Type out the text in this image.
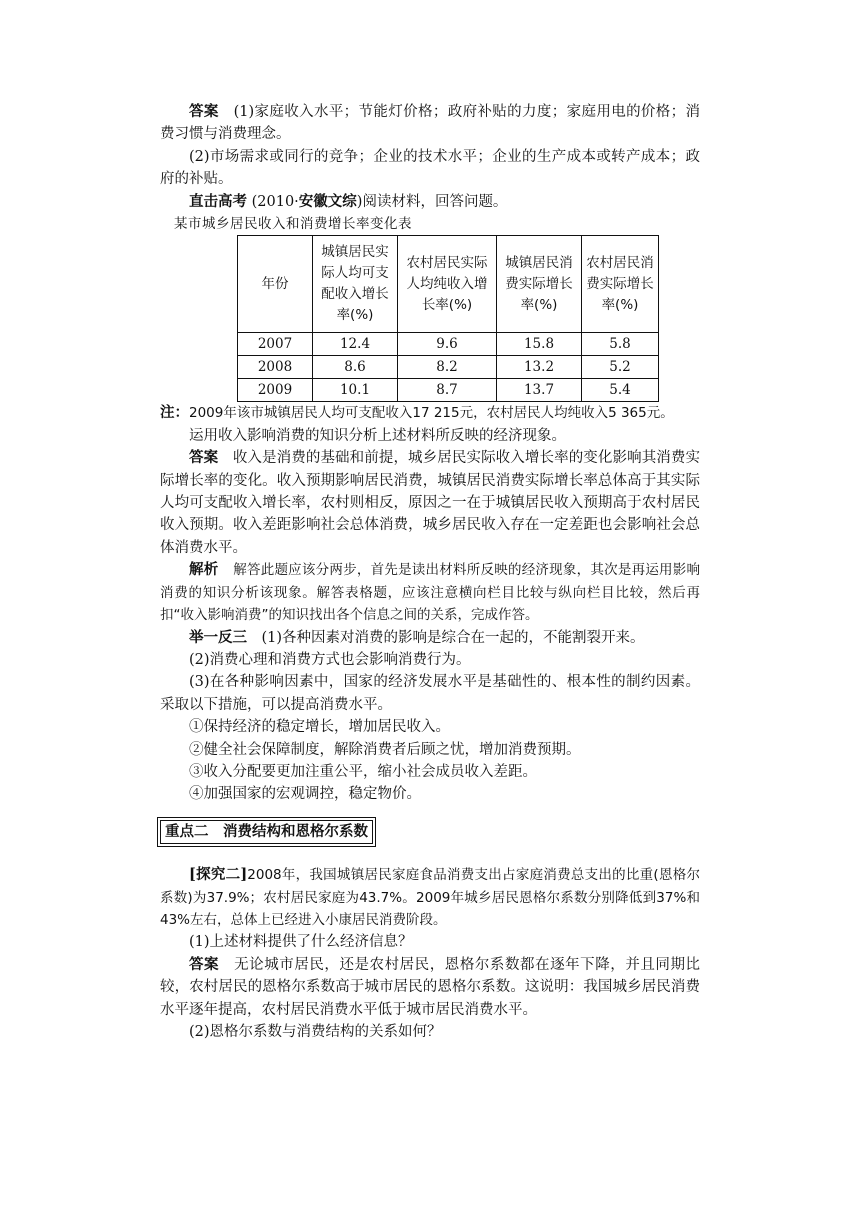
答案　 (1)家庭收入水平；节能灯价格；政府补贴的力度；家庭用电的价格；消费习惯与消费理念。

(2)市场需求或同行的竞争；企业的技术水平；企业的生产成本或转产成本；政府的补贴。

直击高考 (2010·安徽文综)阅读材料，回答问题。

某市城乡居民收入和消费增长率变化表

年份	城镇居民实际人均可支配收入增长率(%)	农村居民实际人均纯收入增长率(%)	城镇居民消费实际增长率(%)	农村居民消费实际增长率(%)
2007	12.4	9.6	15.8	5.8
2008	8.6	8.2	13.2	5.2
2009	10.1	8.7	13.7	5.4

注：2009年该市城镇居民人均可支配收入17 215元，农村居民人均纯收入5 365元。

运用收入影响消费的知识分析上述材料所反映的经济现象。

答案　 收入是消费的基础和前提，城乡居民实际收入增长率的变化影响其消费实际增长率的变化。收入预期影响居民消费，城镇居民消费实际增长率总体高于其实际人均可支配收入增长率，农村则相反，原因之一在于城镇居民收入预期高于农村居民收入预期。收入差距影响社会总体消费，城乡居民收入存在一定差距也会影响社会总体消费水平。

解析　 解答此题应该分两步，首先是读出材料所反映的经济现象，其次是再运用影响消费的知识分析该现象。解答表格题，应该注意横向栏目比较与纵向栏目比较，然后再扣“收入影响消费”的知识找出各个信息之间的关系，完成作答。

举一反三　 (1)各种因素对消费的影响是综合在一起的，不能割裂开来。

(2)消费心理和消费方式也会影响消费行为。

(3)在各种影响因素中，国家的经济发展水平是基础性的、根本性的制约因素。采取以下措施，可以提高消费水平。

①保持经济的稳定增长，增加居民收入。

②健全社会保障制度，解除消费者后顾之忧，增加消费预期。

③收入分配要更加注重公平，缩小社会成员收入差距。

④加强国家的宏观调控，稳定物价。

重点二　消费结构和恩格尔系数

[探究二]2008年，我国城镇居民家庭食品消费支出占家庭消费总支出的比重(恩格尔系数)为37.9%；农村居民家庭为43.7%。2009年城乡居民恩格尔系数分别降低到37%和43%左右，总体上已经进入小康居民消费阶段。

(1)上述材料提供了什么经济信息？

答案　 无论城市居民，还是农村居民，恩格尔系数都在逐年下降，并且同期比较，农村居民的恩格尔系数高于城市居民的恩格尔系数。这说明：我国城乡居民消费水平逐年提高，农村居民消费水平低于城市居民消费水平。

(2)恩格尔系数与消费结构的关系如何？
